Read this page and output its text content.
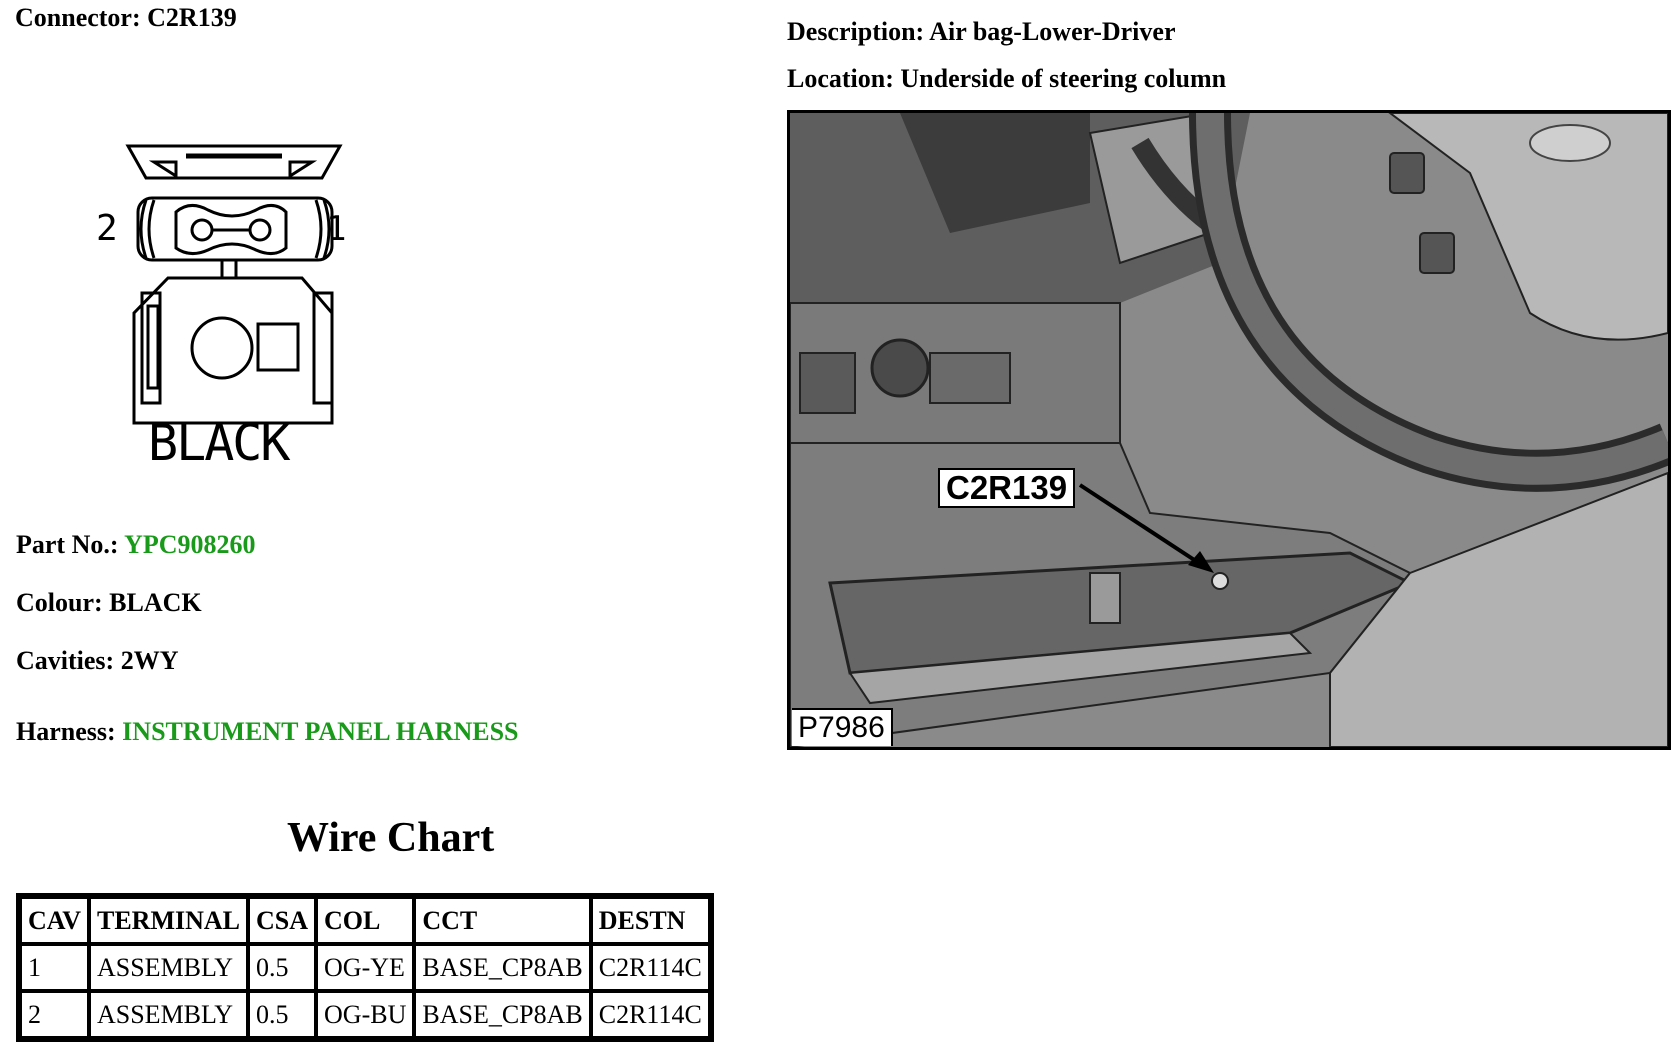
Connector: C2R139	Description: Air bag-Lower-Driver
Location: Underside of steering column
2	1
BLACK
Part No.: YPC908260
Colour: BLACK
Cavities: 2WY
Harness: INSTRUMENT PANEL HARNESS
C2R139
P7986
Wire Chart
CAV	TERMINAL	CSA	COL	CCT	DESTN
1	ASSEMBLY	0.5	OG-YE	BASE_CP8AB	C2R114C
2	ASSEMBLY	0.5	OG-BU	BASE_CP8AB	C2R114C
